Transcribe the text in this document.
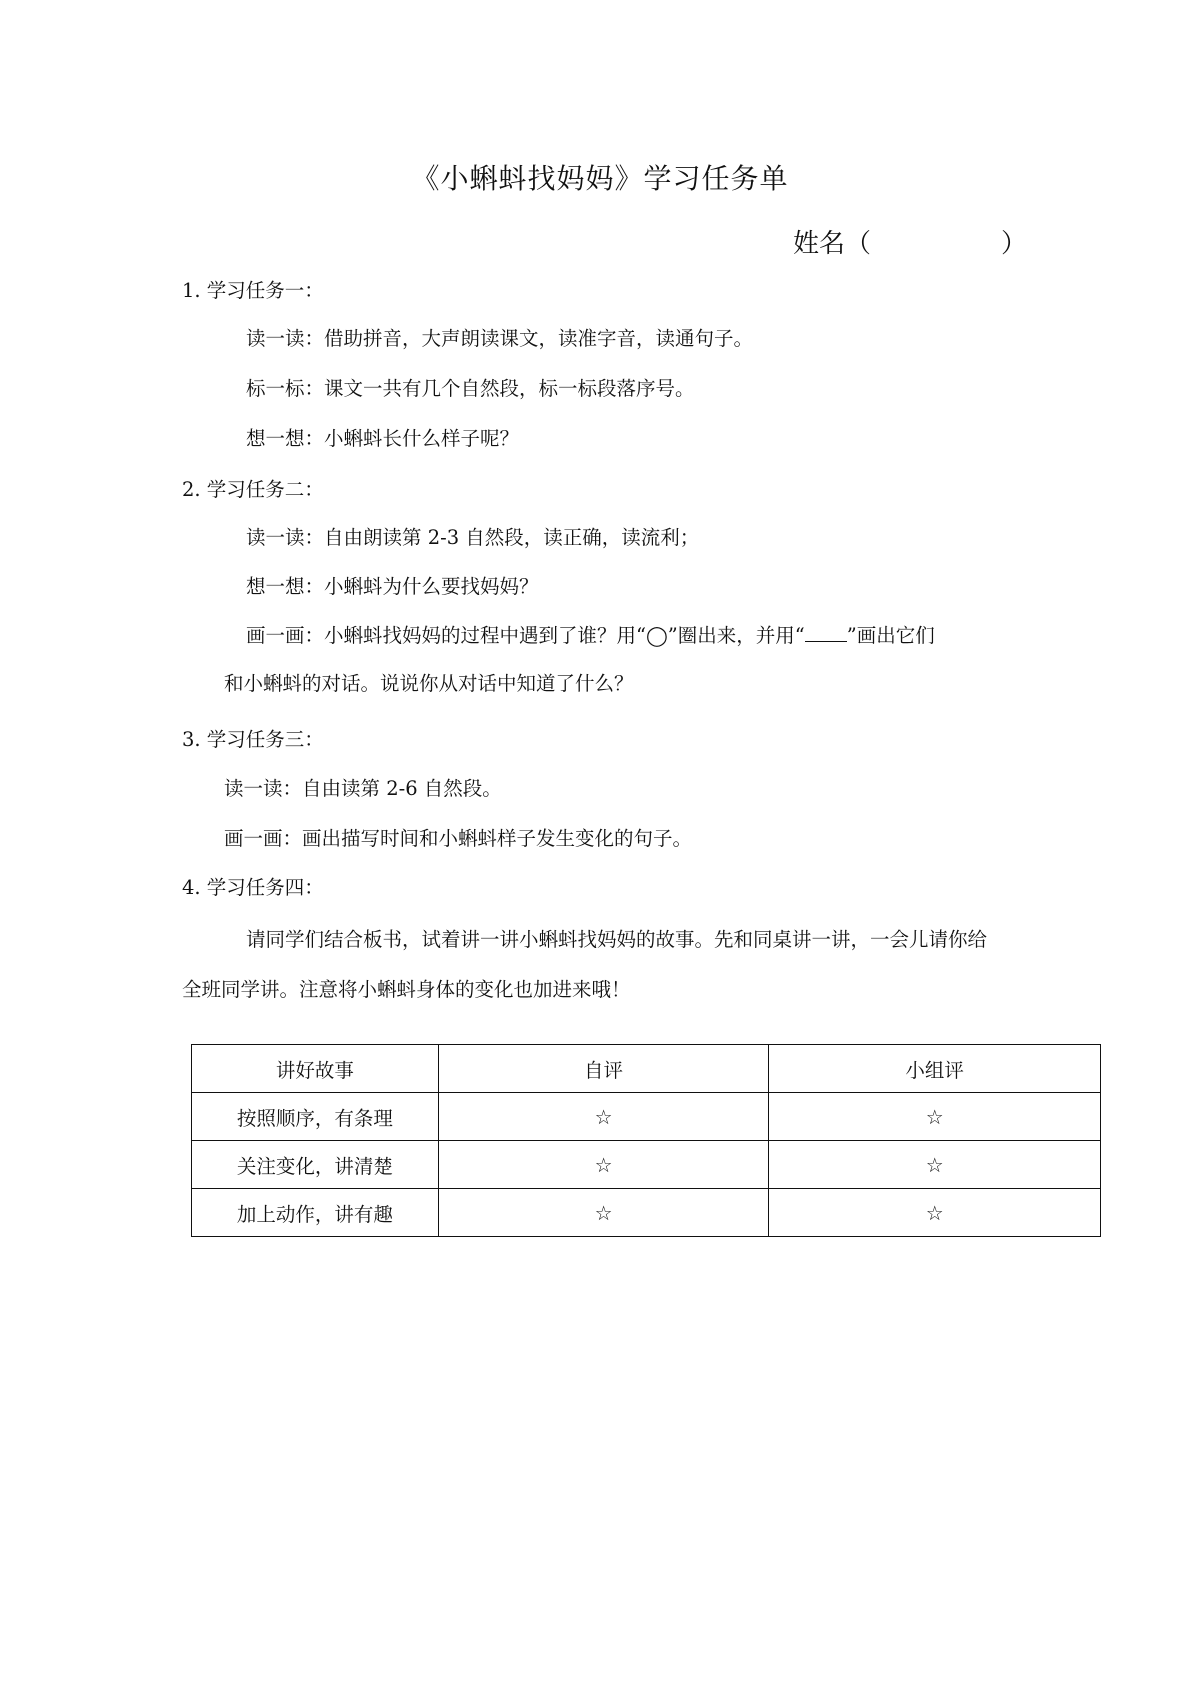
《小蝌蚪找妈妈》学习任务单
姓名（　　　　　）
1. 学习任务一：
读一读：借助拼音，大声朗读课文，读准字音，读通句子。
标一标：课文一共有几个自然段，标一标段落序号。
想一想：小蝌蚪长什么样子呢？
2. 学习任务二：
读一读：自由朗读第 2-3 自然段，读正确，读流利；
想一想：小蝌蚪为什么要找妈妈？
画一画：小蝌蚪找妈妈的过程中遇到了谁？用“◯”圈出来，并用“ ”画出它们
和小蝌蚪的对话。说说你从对话中知道了什么？
3. 学习任务三：
读一读：自由读第 2-6 自然段。
画一画：画出描写时间和小蝌蚪样子发生变化的句子。
4. 学习任务四：
请同学们结合板书，试着讲一讲小蝌蚪找妈妈的故事。先和同桌讲一讲，一会儿请你给
全班同学讲。注意将小蝌蚪身体的变化也加进来哦！
讲好故事	自评	小组评
按照顺序，有条理	☆	☆
关注变化，讲清楚	☆	☆
加上动作，讲有趣	☆	☆
